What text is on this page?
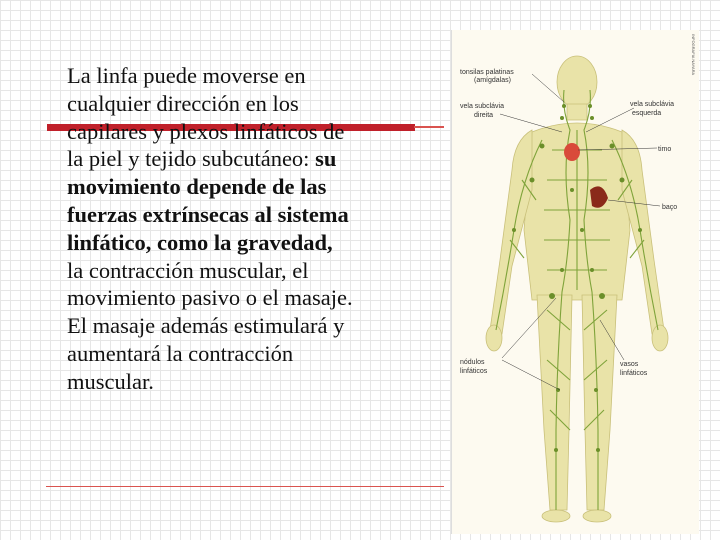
La linfa puede moverse en
cualquier dirección en los
capilares y plexos linfáticos de
la piel y tejido subcutáneo: su
movimiento depende de las
fuerzas extrínsecas al sistema
linfático, como la gravedad,
la contracción muscular, el
movimiento pasivo o el masaje.
El masaje además estimulará y
aumentará la contracción
muscular.
tonsilas palatinas
(amígdalas)
vela subclávia
direita
vela subclávia
esquerda
timo
baço
nódulos
linfáticos
vasos
linfáticos
INFOGRAFIA NAYARA
